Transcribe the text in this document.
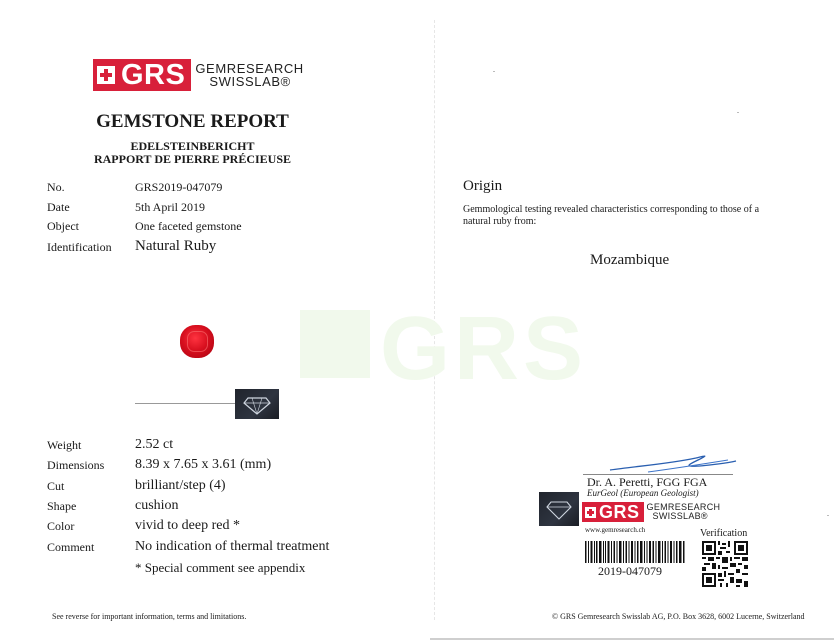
GRS GEMRESEARCH
SWISSLAB®
GEMSTONE REPORT
EDELSTEINBERICHT
RAPPORT DE PIERRE PRÉCIEUSE
No.	GRS2019-047079
Date	5th April 2019
Object	One faceted gemstone
Identification Natural Ruby
Weight	2.52 ct
Dimensions 8.39 x 7.65 x 3.61 (mm)
Cut	brilliant/step (4)
Shape	cushion
Color	vivid to deep red *
Comment	No indication of thermal treatment
* Special comment see appendix
See reverse for important information, terms and limitations.
GRS
Origin
Gemmological testing revealed characteristics corresponding to those of a natural ruby from:
Mozambique
Dr. A. Peretti, FGG FGA
EurGeol (European Geologist)
GRS GEMRESEARCH
SWISSLAB®
www.gemresearch.ch	Verification
2019-047079
© GRS Gemresearch Swisslab AG, P.O. Box 3628, 6002 Lucerne, Switzerland
